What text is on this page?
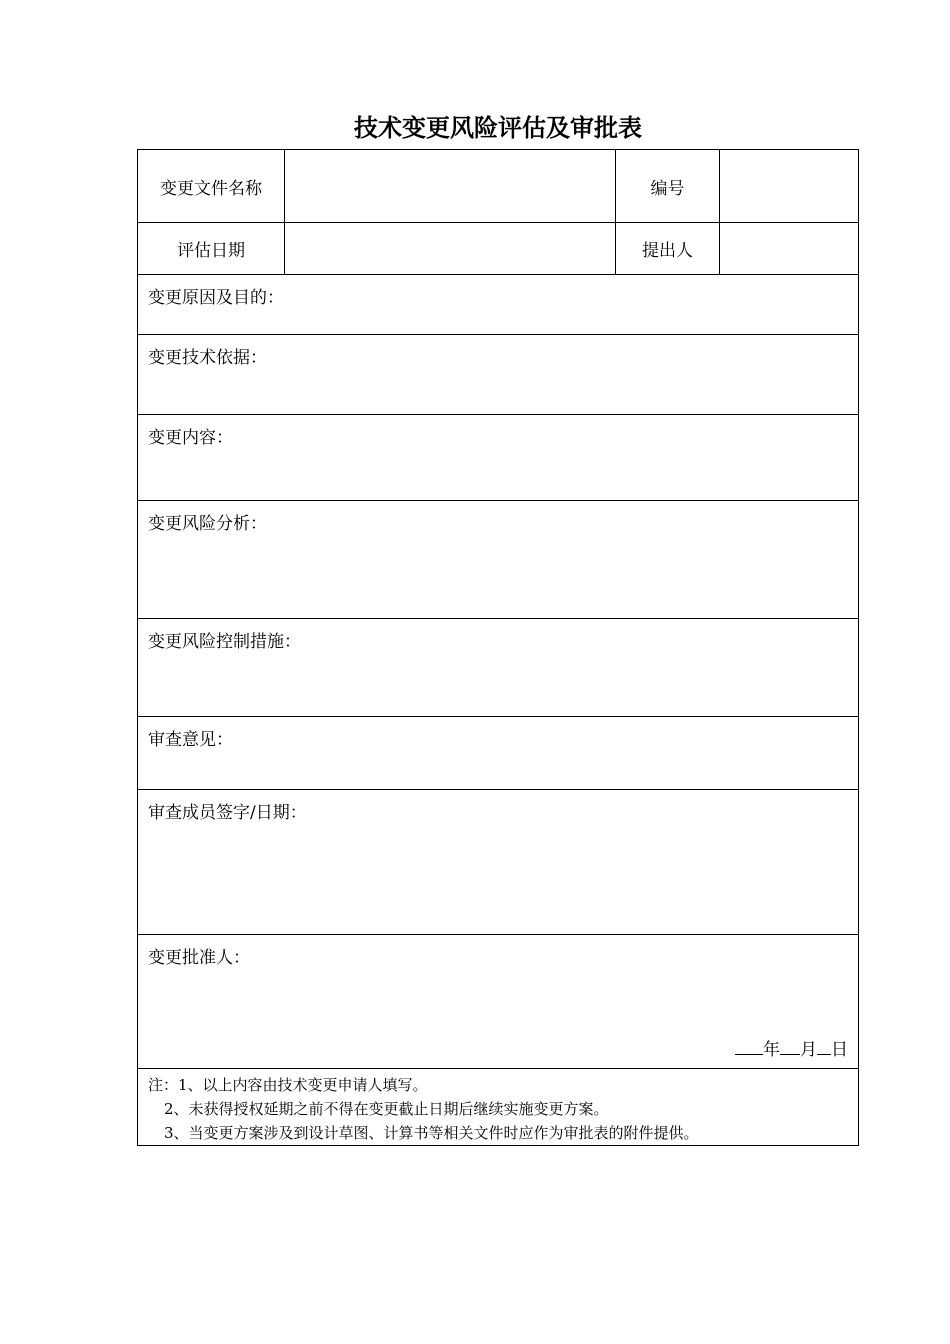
技术变更风险评估及审批表
变更文件名称		编号	
评估日期		提出人	
变更原因及目的：			
变更技术依据：			
变更内容：			
变更风险分析：			
变更风险控制措施：			
审查意见：			
审查成员签字/日期：			

变更批准人：
年 月 日			

注：1、以上内容由技术变更申请人填写。
2、未获得授权延期之前不得在变更截止日期后继续实施变更方案。
3、当变更方案涉及到设计草图、计算书等相关文件时应作为审批表的附件提供。			
